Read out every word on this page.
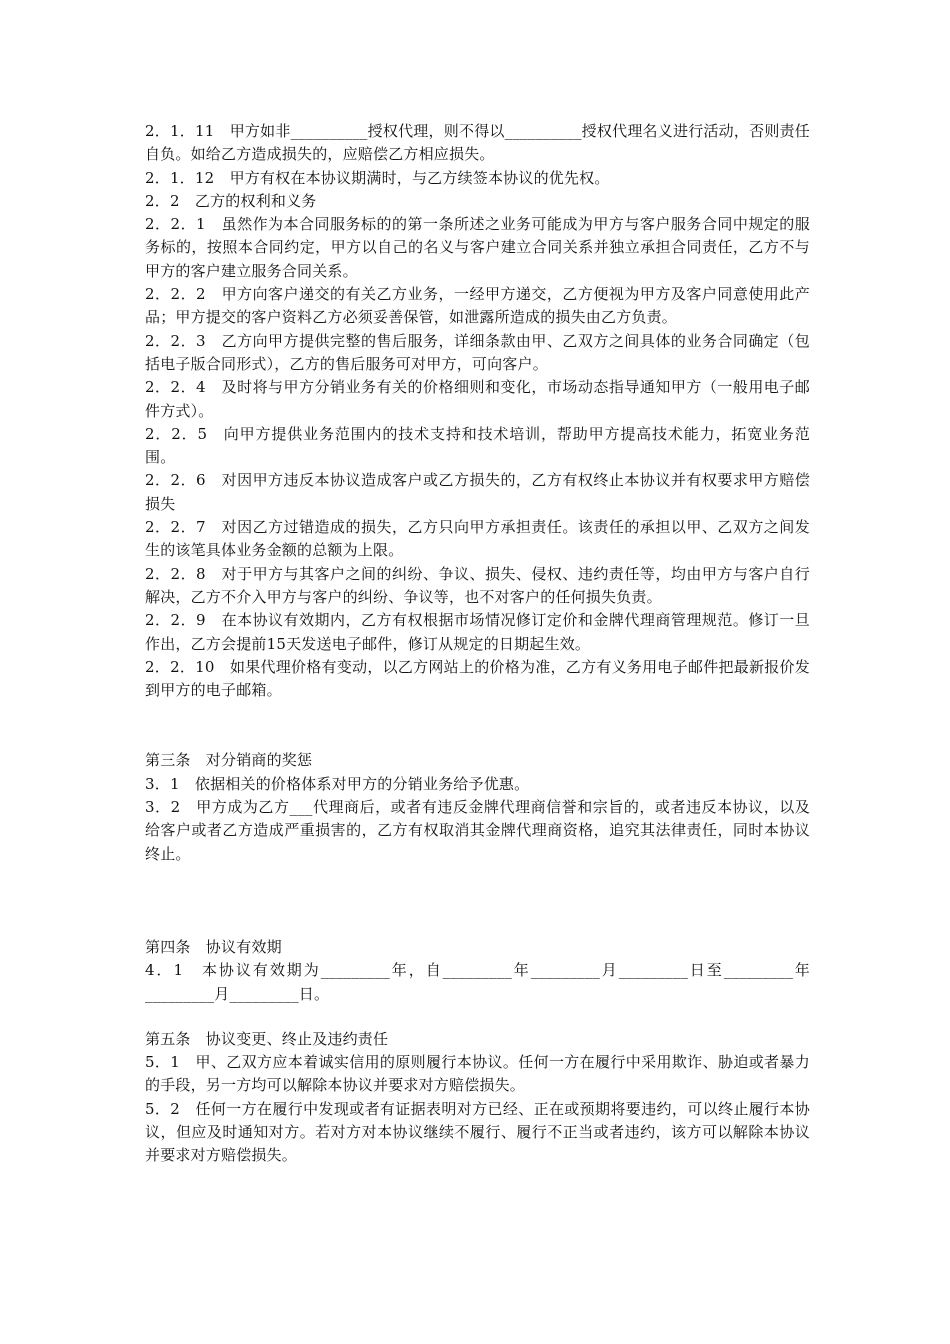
2．1．11　甲方如非__________授权代理，则不得以__________授权代理名义进行活动，否则责任自负。如给乙方造成损失的，应赔偿乙方相应损失。

2．1．12　甲方有权在本协议期满时，与乙方续签本协议的优先权。

2．2　乙方的权利和义务

2．2．1　虽然作为本合同服务标的的第一条所述之业务可能成为甲方与客户服务合同中规定的服务标的，按照本合同约定，甲方以自己的名义与客户建立合同关系并独立承担合同责任，乙方不与甲方的客户建立服务合同关系。

2．2．2　甲方向客户递交的有关乙方业务，一经甲方递交，乙方便视为甲方及客户同意使用此产品；甲方提交的客户资料乙方必须妥善保管，如泄露所造成的损失由乙方负责。

2．2．3　乙方向甲方提供完整的售后服务，详细条款由甲、乙双方之间具体的业务合同确定（包括电子版合同形式），乙方的售后服务可对甲方，可向客户。

2．2．4　及时将与甲方分销业务有关的价格细则和变化，市场动态指导通知甲方（一般用电子邮件方式）。

2．2．5　向甲方提供业务范围内的技术支持和技术培训，帮助甲方提高技术能力，拓宽业务范围。

2．2．6　对因甲方违反本协议造成客户或乙方损失的，乙方有权终止本协议并有权要求甲方赔偿损失

2．2．7　对因乙方过错造成的损失，乙方只向甲方承担责任。该责任的承担以甲、乙双方之间发生的该笔具体业务金额的总额为上限。

2．2．8　对于甲方与其客户之间的纠纷、争议、损失、侵权、违约责任等，均由甲方与客户自行解决，乙方不介入甲方与客户的纠纷、争议等，也不对客户的任何损失负责。

2．2．9　在本协议有效期内，乙方有权根据市场情况修订定价和金牌代理商管理规范。修订一旦作出，乙方会提前15天发送电子邮件，修订从规定的日期起生效。

2．2．10　如果代理价格有变动，以乙方网站上的价格为准，乙方有义务用电子邮件把最新报价发到甲方的电子邮箱。

第三条　对分销商的奖惩

3．1　依据相关的价格体系对甲方的分销业务给予优惠。

3．2　甲方成为乙方___代理商后，或者有违反金牌代理商信誉和宗旨的，或者违反本协议，以及给客户或者乙方造成严重损害的，乙方有权取消其金牌代理商资格，追究其法律责任，同时本协议终止。

第四条　协议有效期

4．1　本协议有效期为_________年，自_________年_________月_________日至_________年_________月_________日。

第五条　协议变更、终止及违约责任

5．1　甲、乙双方应本着诚实信用的原则履行本协议。任何一方在履行中采用欺诈、胁迫或者暴力的手段，另一方均可以解除本协议并要求对方赔偿损失。

5．2　任何一方在履行中发现或者有证据表明对方已经、正在或预期将要违约，可以终止履行本协议，但应及时通知对方。若对方对本协议继续不履行、履行不正当或者违约，该方可以解除本协议并要求对方赔偿损失。
